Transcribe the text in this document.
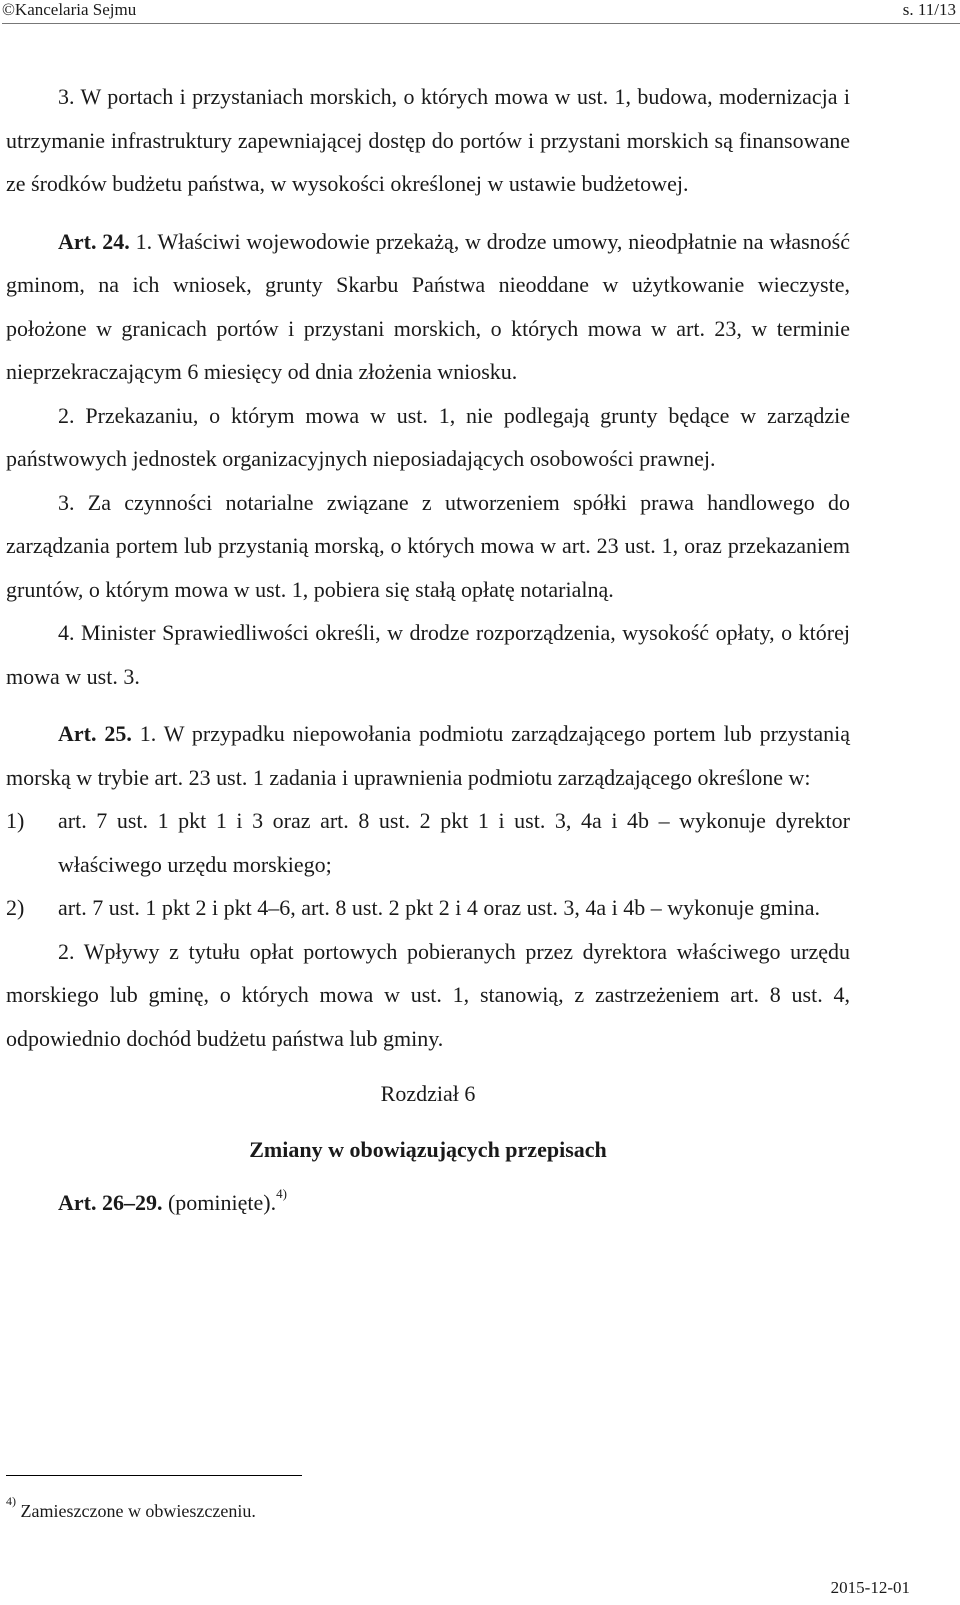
©Kancelaria Sejmu	s. 11/13

3. W portach i przystaniach morskich, o których mowa w ust. 1, budowa, modernizacja i utrzymanie infrastruktury zapewniającej dostęp do portów i przystani morskich są finansowane ze środków budżetu państwa, w wysokości określonej w ustawie budżetowej.

Art. 24. 1. Właściwi wojewodowie przekażą, w drodze umowy, nieodpłatnie na własność gminom, na ich wniosek, grunty Skarbu Państwa nieoddane w użytkowanie wieczyste, położone w granicach portów i przystani morskich, o których mowa w art. 23, w terminie nieprzekraczającym 6 miesięcy od dnia złożenia wniosku.

2. Przekazaniu, o którym mowa w ust. 1, nie podlegają grunty będące w zarządzie państwowych jednostek organizacyjnych nieposiadających osobowości prawnej.

3. Za czynności notarialne związane z utworzeniem spółki prawa handlowego do zarządzania portem lub przystanią morską, o których mowa w art. 23 ust. 1, oraz przekazaniem gruntów, o którym mowa w ust. 1, pobiera się stałą opłatę notarialną.

4. Minister Sprawiedliwości określi, w drodze rozporządzenia, wysokość opłaty, o której mowa w ust. 3.

Art. 25. 1. W przypadku niepowołania podmiotu zarządzającego portem lub przystanią morską w trybie art. 23 ust. 1 zadania i uprawnienia podmiotu zarządzającego określone w:

1)	art. 7 ust. 1 pkt 1 i 3 oraz art. 8 ust. 2 pkt 1 i ust. 3, 4a i 4b – wykonuje dyrektor właściwego urzędu morskiego;
2)	art. 7 ust. 1 pkt 2 i pkt 4–6, art. 8 ust. 2 pkt 2 i 4 oraz ust. 3, 4a i 4b – wykonuje gmina.

2. Wpływy z tytułu opłat portowych pobieranych przez dyrektora właściwego urzędu morskiego lub gminę, o których mowa w ust. 1, stanowią, z zastrzeżeniem art. 8 ust. 4, odpowiednio dochód budżetu państwa lub gminy.

Rozdział 6

Zmiany w obowiązujących przepisach

Art. 26–29. (pominięte).$^{4)}$

$^{4)}$ Zamieszczone w obwieszczeniu.
2015-12-01
